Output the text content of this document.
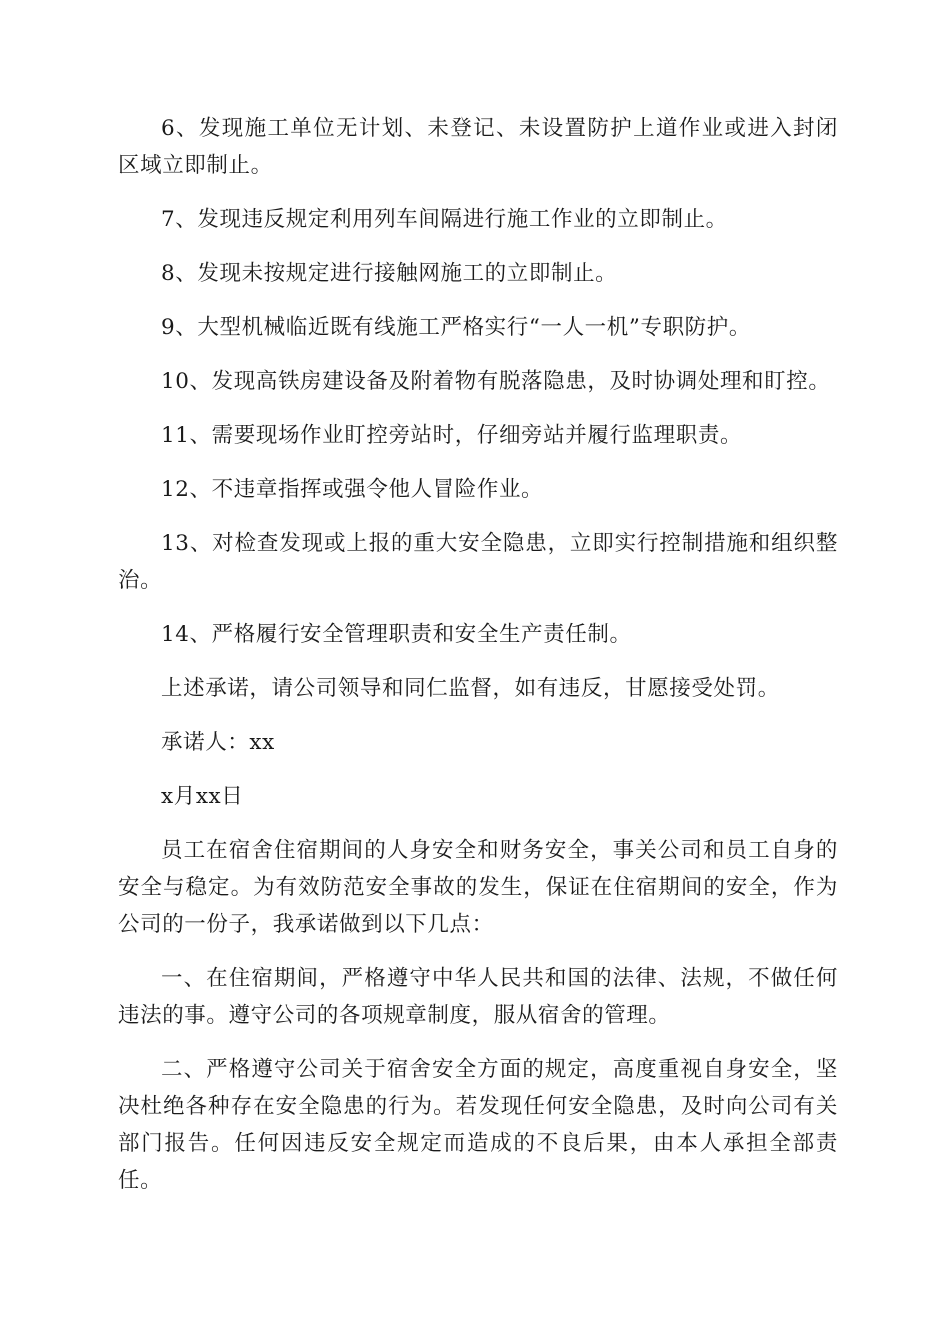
6、发现施工单位无计划、未登记、未设置防护上道作业或进入封闭区域立即制止。

7、发现违反规定利用列车间隔进行施工作业的立即制止。

8、发现未按规定进行接触网施工的立即制止。

9、大型机械临近既有线施工严格实行“一人一机”专职防护。

10、发现高铁房建设备及附着物有脱落隐患，及时协调处理和盯控。

11、需要现场作业盯控旁站时，仔细旁站并履行监理职责。

12、不违章指挥或强令他人冒险作业。

13、对检查发现或上报的重大安全隐患，立即实行控制措施和组织整治。

14、严格履行安全管理职责和安全生产责任制。

上述承诺，请公司领导和同仁监督，如有违反，甘愿接受处罚。

承诺人：xx

x月xx日

员工在宿舍住宿期间的人身安全和财务安全，事关公司和员工自身的安全与稳定。为有效防范安全事故的发生，保证在住宿期间的安全，作为公司的一份子，我承诺做到以下几点：

一、在住宿期间，严格遵守中华人民共和国的法律、法规，不做任何违法的事。遵守公司的各项规章制度，服从宿舍的管理。

二、严格遵守公司关于宿舍安全方面的规定，高度重视自身安全，坚决杜绝各种存在安全隐患的行为。若发现任何安全隐患，及时向公司有关部门报告。任何因违反安全规定而造成的不良后果，由本人承担全部责任。
